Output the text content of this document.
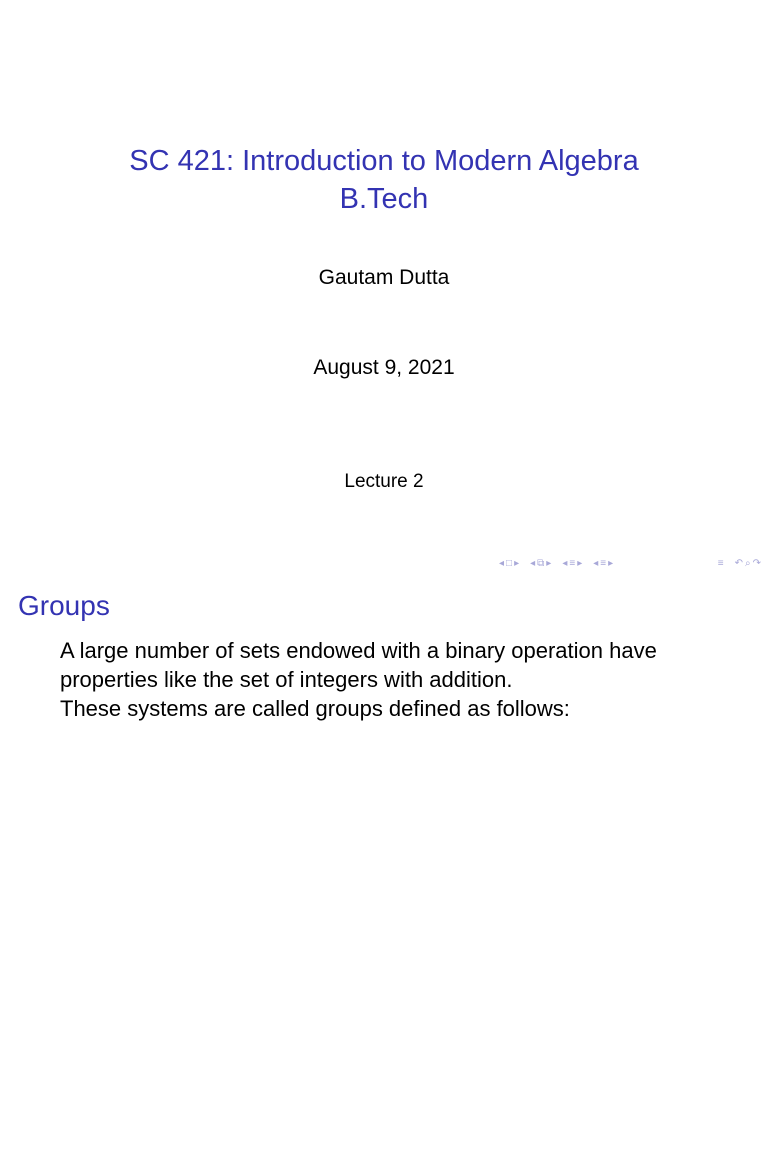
SC 421: Introduction to Modern Algebra
B.Tech
Gautam Dutta
August 9, 2021
Lecture 2
◂ □ ▸ ◂ ⧉ ▸ ◂ ≡ ▸ ◂ ≡ ▸	≡ ↶ ⌕ ↷
Groups
A large number of sets endowed with a binary operation have
properties like the set of integers with addition.
These systems are called groups defined as follows:
